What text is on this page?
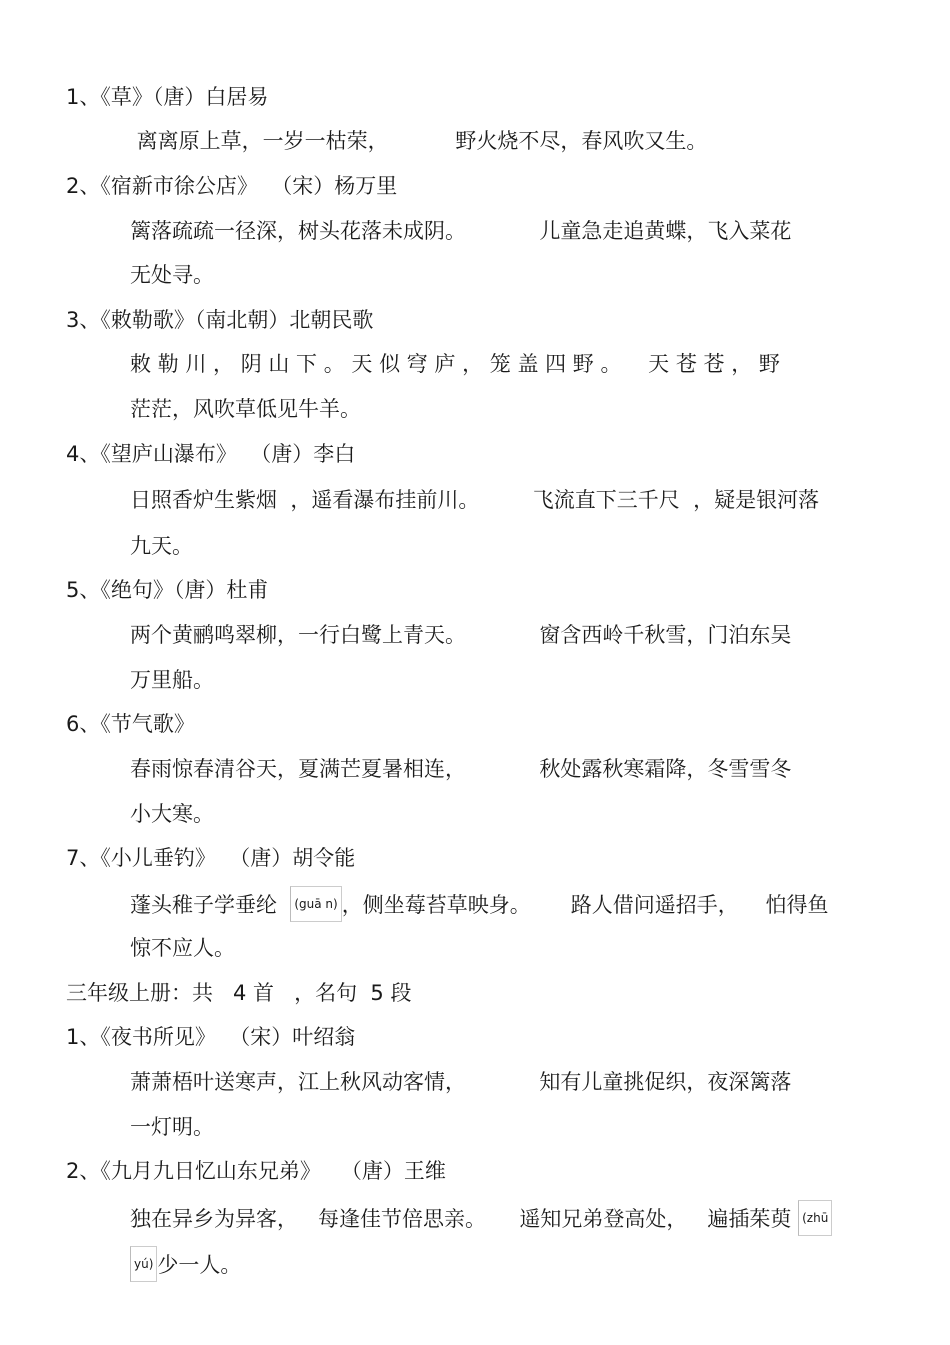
1、《草》（唐）白居易
离离原上草，一岁一枯荣，          野火烧不尽，春风吹又生。
2、《宿新市徐公店》  （宋）杨万里
篱落疏疏一径深，树头花落未成阴。           儿童急走追黄蝶，飞入菜花
无处寻。
3、《敕勒歌》（南北朝）北朝民歌
敕 勒 川 ， 阴 山 下 。 天 似 穹 庐 ， 笼 盖 四 野 。    天 苍 苍 ， 野
茫茫，风吹草低见牛羊。
4、《望庐山瀑布》  （唐）李白
日照香炉生紫烟  ，遥看瀑布挂前川。        飞流直下三千尺  ，疑是银河落
九天。
5、《绝句》（唐）杜甫
两个黄鹂鸣翠柳，一行白鹭上青天。           窗含西岭千秋雪，门泊东吴
万里船。
6、《节气歌》
春雨惊春清谷天，夏满芒夏暑相连，           秋处露秋寒霜降，冬雪雪冬
小大寒。
7、《小儿垂钓》  （唐）胡令能
蓬头稚子学垂纶  (guā n) ，侧坐莓苔草映身。      路人借问遥招手，    怕得鱼
惊不应人。
三年级上册：共   4 首   ，名句  5 段
1、《夜书所见》  （宋）叶绍翁
萧萧梧叶送寒声，江上秋风动客情，           知有儿童挑促织，夜深篱落
一灯明。
2、《九月九日忆山东兄弟》   （唐）王维
独在异乡为异客，   每逢佳节倍思亲。     遥知兄弟登高处，   遍插茱萸 (zhū
yú) 少一人。
